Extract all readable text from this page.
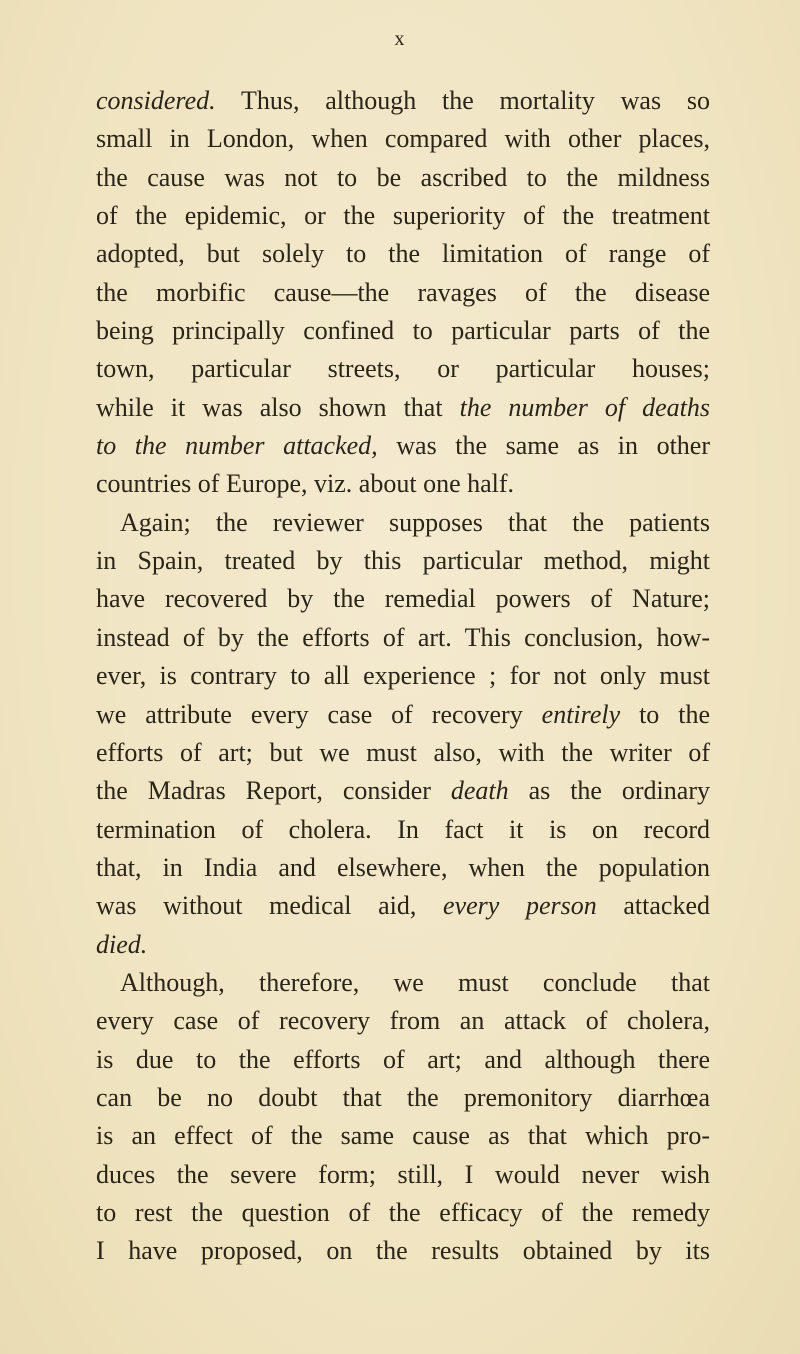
x
considered. Thus, although the mortality was so
small in London, when compared with other places,
the cause was not to be ascribed to the mildness
of the epidemic, or the superiority of the treatment
adopted, but solely to the limitation of range of
the morbific cause—the ravages of the disease
being principally confined to particular parts of the
town, particular streets, or particular houses;
while it was also shown that the number of deaths
to the number attacked, was the same as in other
countries of Europe, viz. about one half.
Again; the reviewer supposes that the patients
in Spain, treated by this particular method, might
have recovered by the remedial powers of Nature;
instead of by the efforts of art. This conclusion, how-
ever, is contrary to all experience ; for not only must
we attribute every case of recovery entirely to the
efforts of art; but we must also, with the writer of
the Madras Report, consider death as the ordinary
termination of cholera. In fact it is on record
that, in India and elsewhere, when the population
was without medical aid, every person attacked
died.
Although, therefore, we must conclude that
every case of recovery from an attack of cholera,
is due to the efforts of art; and although there
can be no doubt that the premonitory diarrhœa
is an effect of the same cause as that which pro-
duces the severe form; still, I would never wish
to rest the question of the efficacy of the remedy
I have proposed, on the results obtained by its
